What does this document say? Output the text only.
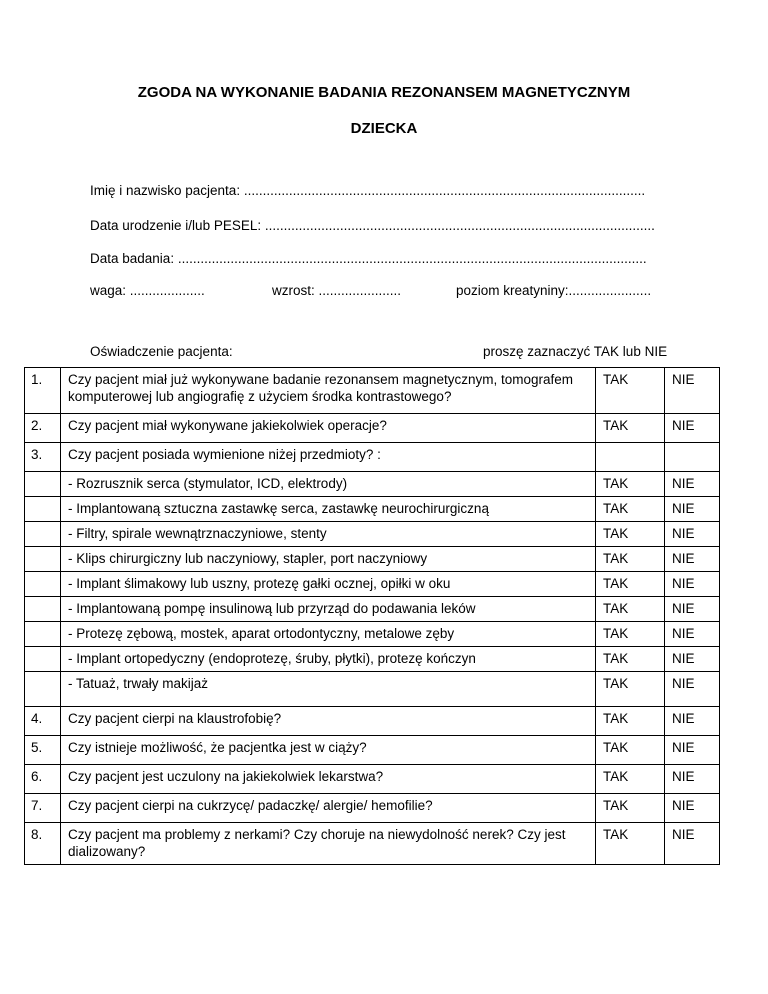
ZGODA NA WYKONANIE BADANIA REZONANSEM MAGNETYCZNYM
DZIECKA
Imię i nazwisko pacjenta: ...........................................................................................................
Data urodzenie i/lub PESEL: ........................................................................................................
Data badania: .............................................................................................................................
waga: ....................	wzrost: ......................	poziom kreatyniny:......................
Oświadczenie pacjenta:	proszę zaznaczyć TAK lub NIE
1.	Czy pacjent miał już wykonywane badanie rezonansem magnetycznym, tomografem komputerowej lub angiografię z użyciem środka kontrastowego?	TAK	NIE
2.	Czy pacjent miał wykonywane jakiekolwiek operacje?	TAK	NIE
3.	Czy pacjent posiada wymienione niżej przedmioty? :		
	- Rozrusznik serca (stymulator, ICD, elektrody)	TAK	NIE
	- Implantowaną sztuczna zastawkę serca, zastawkę neurochirurgiczną	TAK	NIE
	- Filtry, spirale wewnątrznaczyniowe, stenty	TAK	NIE
	- Klips chirurgiczny lub naczyniowy, stapler, port naczyniowy	TAK	NIE
	- Implant ślimakowy lub uszny, protezę gałki ocznej, opiłki w oku	TAK	NIE
	- Implantowaną pompę insulinową lub przyrząd do podawania leków	TAK	NIE
	- Protezę zębową, mostek, aparat ortodontyczny, metalowe zęby	TAK	NIE
	- Implant ortopedyczny (endoprotezę, śruby, płytki), protezę kończyn	TAK	NIE
	- Tatuaż, trwały makijaż	TAK	NIE
4.	Czy pacjent cierpi na klaustrofobię?	TAK	NIE
5.	Czy istnieje możliwość, że pacjentka jest w ciąży?	TAK	NIE
6.	Czy pacjent jest uczulony na jakiekolwiek lekarstwa?	TAK	NIE
7.	Czy pacjent cierpi na cukrzycę/ padaczkę/ alergie/ hemofilie?	TAK	NIE
8.	Czy pacjent ma problemy z nerkami? Czy choruje na niewydolność nerek? Czy jest dializowany?	TAK	NIE
